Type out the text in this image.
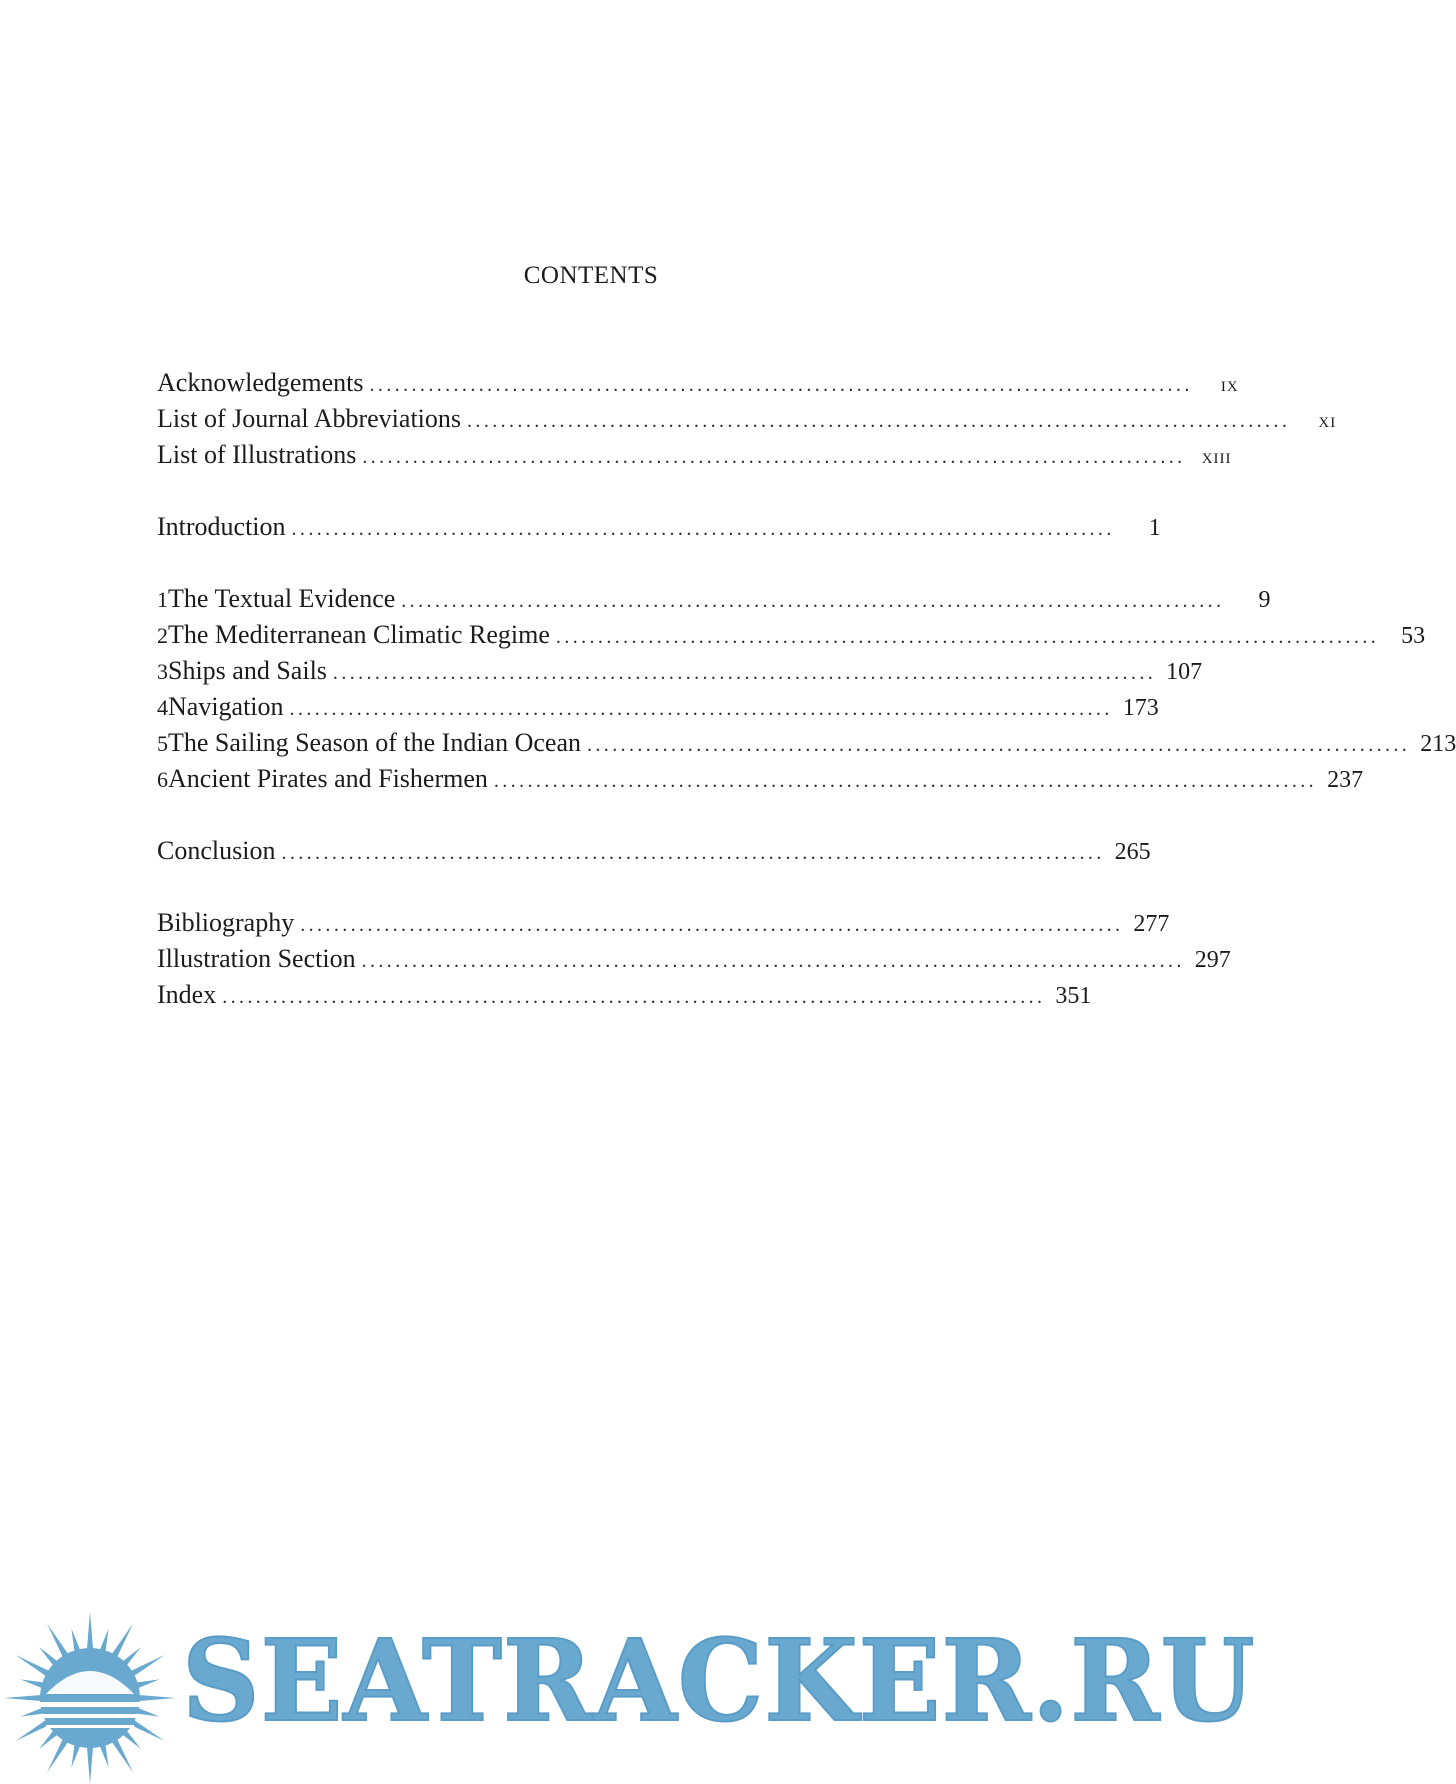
CONTENTS
Acknowledgements ..................................................................................................	ix
List of Journal Abbreviations ..................................................................................................	xi
List of Illustrations .................................................................................................. xiii
Introduction ..................................................................................................	1
1 The Textual Evidence ..................................................................................................	9
2 The Mediterranean Climatic Regime .................................................................................................. 53
3 Ships and Sails .................................................................................................. 107
4 Navigation .................................................................................................. 173
5 The Sailing Season of the Indian Ocean .................................................................................................. 213
6 Ancient Pirates and Fishermen .................................................................................................. 237
Conclusion .................................................................................................. 265
Bibliography .................................................................................................. 277
Illustration Section .................................................................................................. 297
Index .................................................................................................. 351
SEATRACKER.RU
